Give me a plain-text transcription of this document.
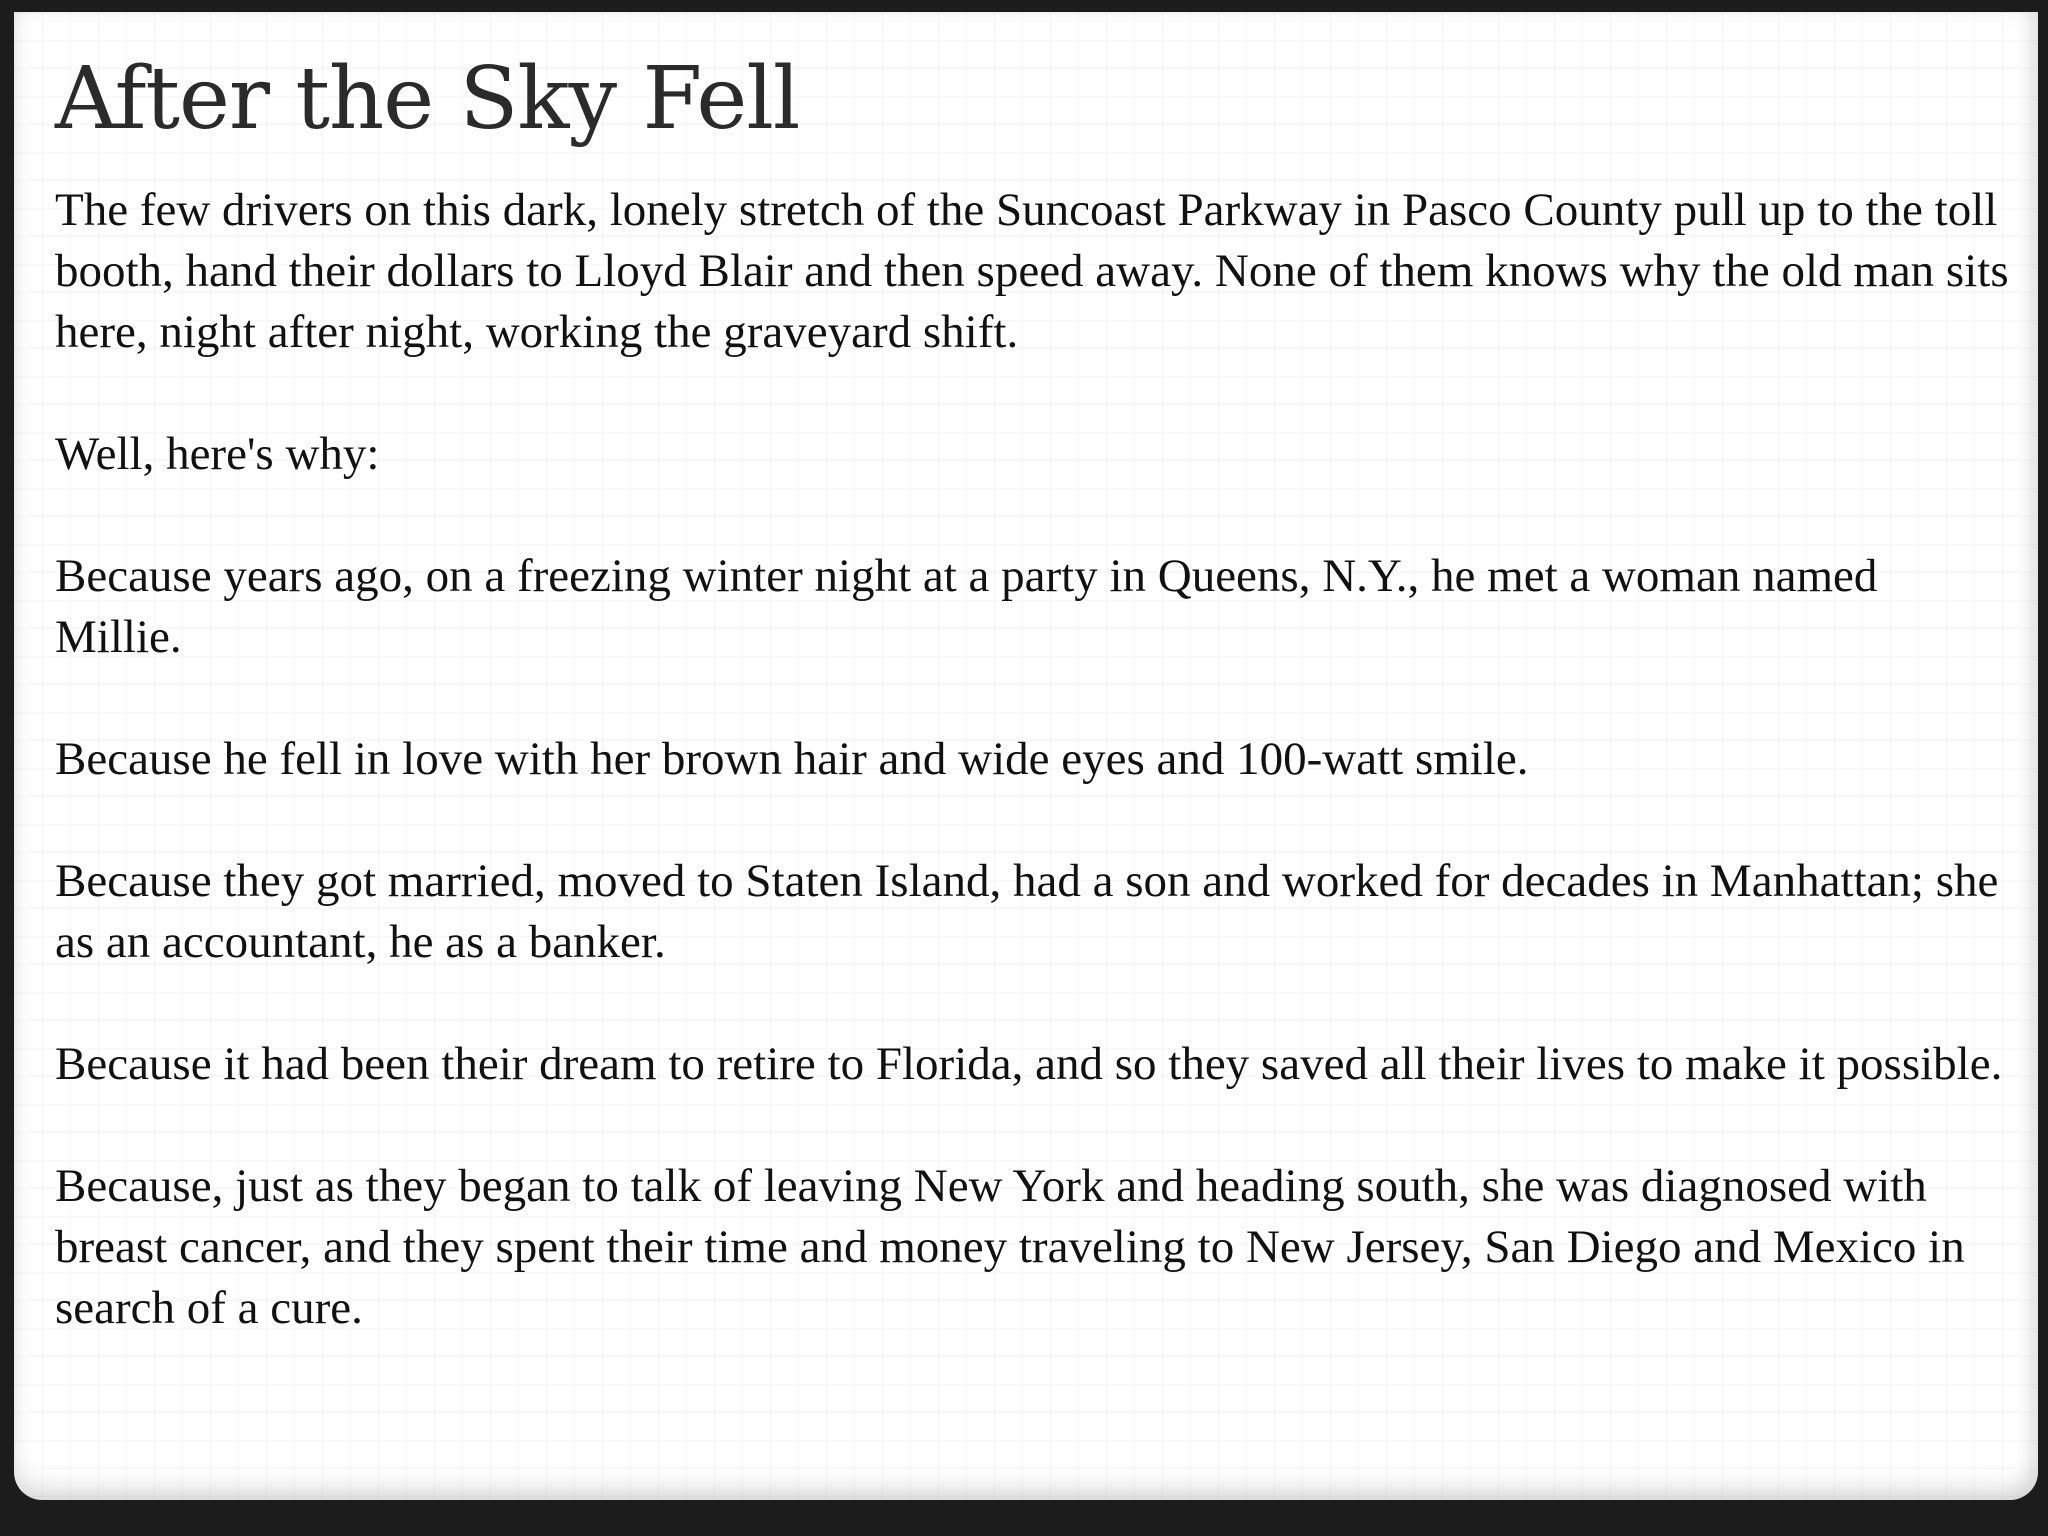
After the Sky Fell

The few drivers on this dark, lonely stretch of the Suncoast Parkway in Pasco County pull up to the toll booth, hand their dollars to Lloyd Blair and then speed away. None of them knows why the old man sits here, night after night, working the graveyard shift.

Well, here's why:

Because years ago, on a freezing winter night at a party in Queens, N.Y., he met a woman named Millie.

Because he fell in love with her brown hair and wide eyes and 100-watt smile.

Because they got married, moved to Staten Island, had a son and worked for decades in Manhattan; she as an accountant, he as a banker.

Because it had been their dream to retire to Florida, and so they saved all their lives to make it possible.

Because, just as they began to talk of leaving New York and heading south, she was diagnosed with breast cancer, and they spent their time and money traveling to New Jersey, San Diego and Mexico in search of a cure.
